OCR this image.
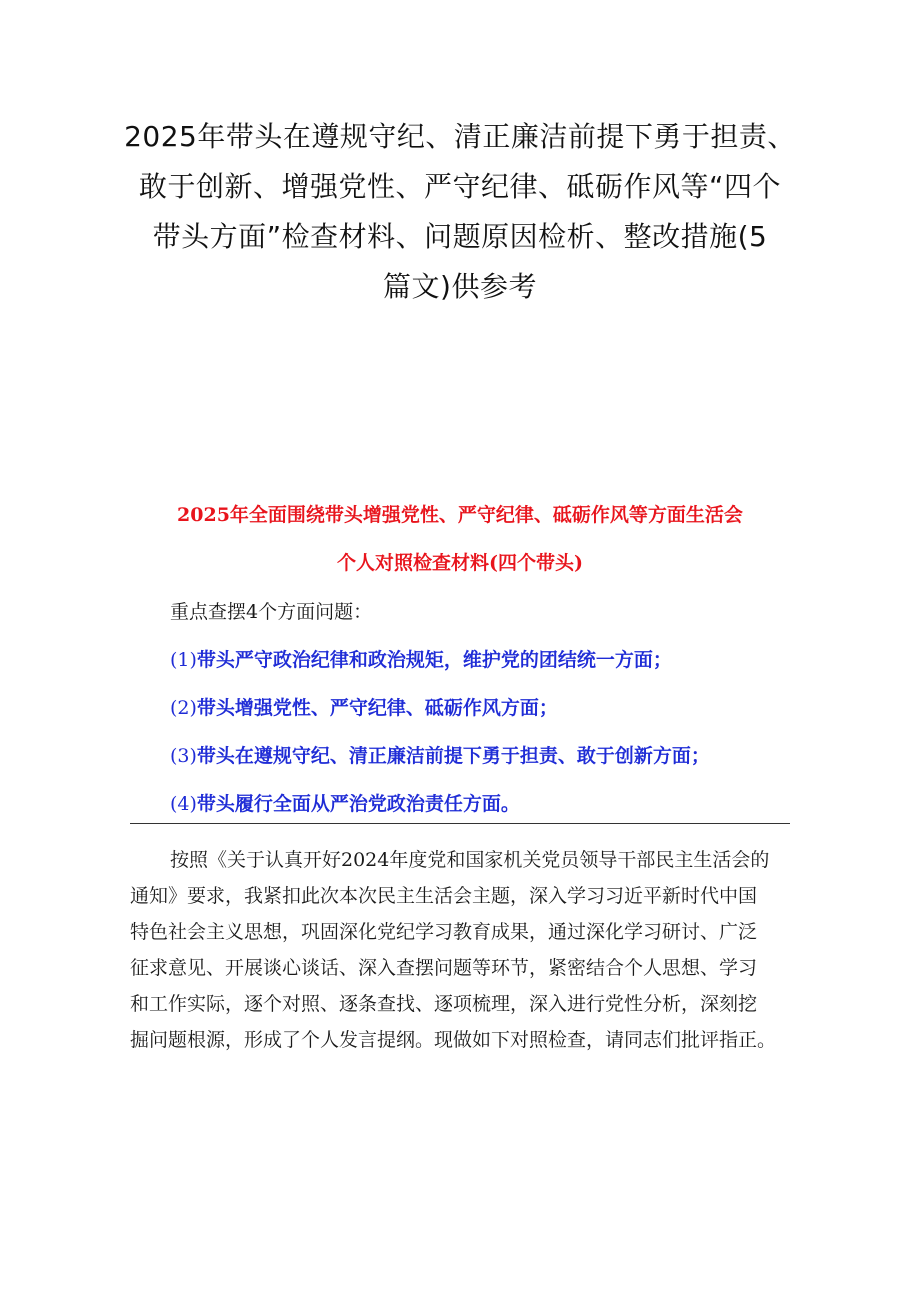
2025年带头在遵规守纪、清正廉洁前提下勇于担责、
敢于创新、增强党性、严守纪律、砥砺作风等“四个
带头方面”检查材料、问题原因检析、整改措施(5
篇文)供参考
2025年全面围绕带头增强党性、严守纪律、砥砺作风等方面生活会
个人对照检查材料(四个带头)
重点查摆4个方面问题：
(1)带头严守政治纪律和政治规矩，维护党的团结统一方面；
(2)带头增强党性、严守纪律、砥砺作风方面；
(3)带头在遵规守纪、清正廉洁前提下勇于担责、敢于创新方面；
(4)带头履行全面从严治党政治责任方面。
按照《关于认真开好2024年度党和国家机关党员领导干部民主生活会的
通知》要求，我紧扣此次本次民主生活会主题，深入学习习近平新时代中国
特色社会主义思想，巩固深化党纪学习教育成果，通过深化学习研讨、广泛
征求意见、开展谈心谈话、深入查摆问题等环节，紧密结合个人思想、学习
和工作实际，逐个对照、逐条查找、逐项梳理，深入进行党性分析，深刻挖
掘问题根源，形成了个人发言提纲。现做如下对照检查，请同志们批评指正。
